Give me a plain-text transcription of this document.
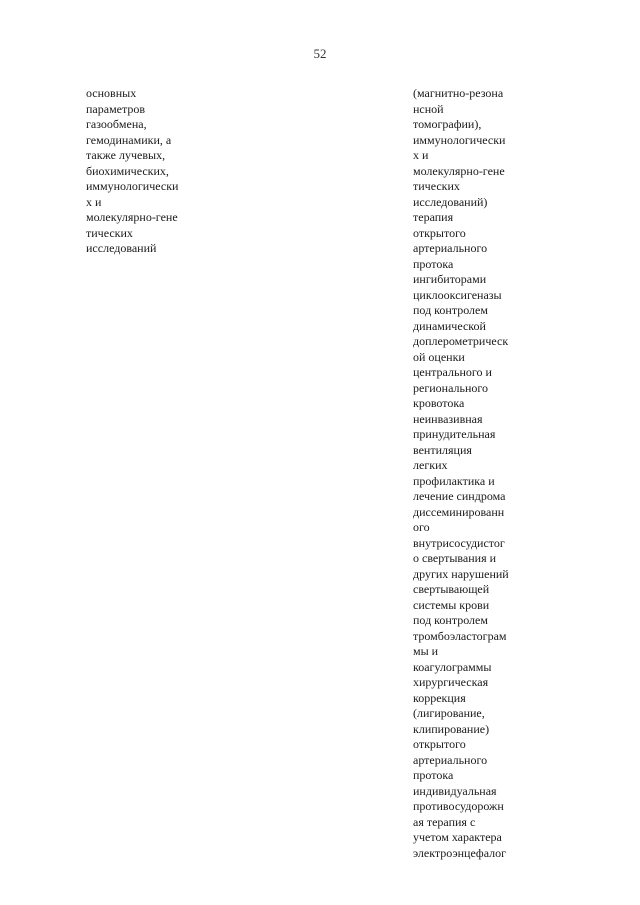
52
основных
параметров
газообмена,
гемодинамики, а
также лучевых,
биохимических,
иммунологически
х и
молекулярно-гене
тических
исследований
(магнитно-резона
нсной
томографии),
иммунологически
х и
молекулярно-гене
тических
исследований)
терапия
открытого
артериального
протока
ингибиторами
циклооксигеназы
под контролем
динамической
доплерометрическ
ой оценки
центрального и
регионального
кровотока
неинвазивная
принудительная
вентиляция
легких
профилактика и
лечение синдрома
диссеминированн
ого
внутрисосудистог
о свертывания и
других нарушений
свертывающей
системы крови
под контролем
тромбоэластограм
мы и
коагулограммы
хирургическая
коррекция
(лигирование,
клипирование)
открытого
артериального
протока
индивидуальная
противосудорожн
ая терапия с
учетом характера
электроэнцефалог
